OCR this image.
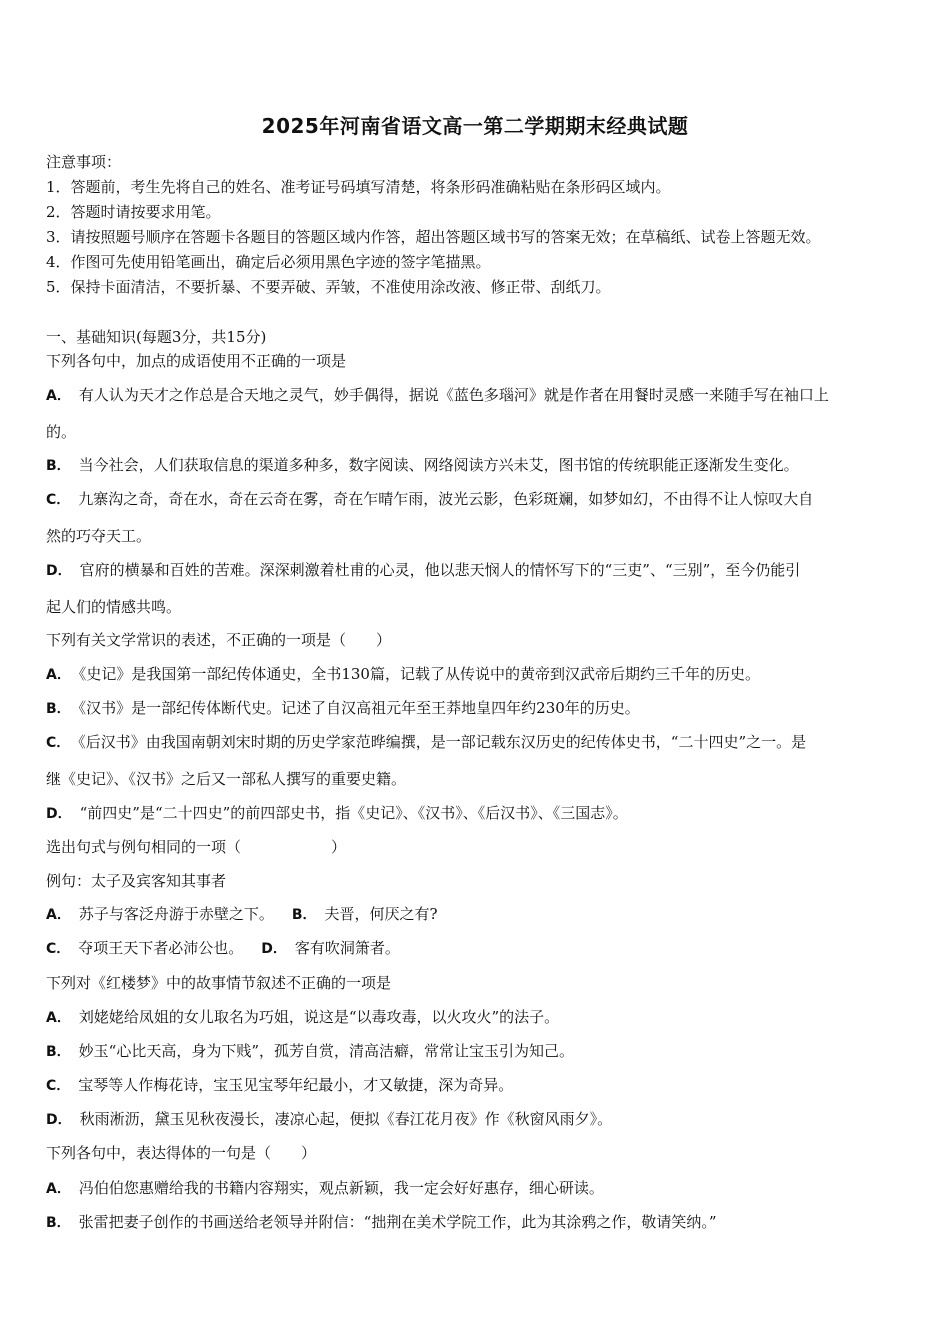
2025年河南省语文高一第二学期期末经典试题
注意事项：
1．答题前，考生先将自己的姓名、准考证号码填写清楚，将条形码准确粘贴在条形码区域内。
2．答题时请按要求用笔。
3．请按照题号顺序在答题卡各题目的答题区域内作答，超出答题区域书写的答案无效；在草稿纸、试卷上答题无效。
4．作图可先使用铅笔画出，确定后必须用黑色字迹的签字笔描黑。
5．保持卡面清洁，不要折暴、不要弄破、弄皱，不准使用涂改液、修正带、刮纸刀。
一、基础知识(每题3分，共15分)
下列各句中，加点的成语使用不正确的一项是
A． 有人认为天才之作总是合天地之灵气，妙手偶得，据说《蓝色多瑙河》就是作者在用餐时灵感一来随手写在袖口上
的。
B． 当今社会，人们获取信息的渠道多种多，数字阅读、网络阅读方兴未艾，图书馆的传统职能正逐渐发生变化。
C． 九寨沟之奇，奇在水，奇在云奇在雾，奇在乍晴乍雨，波光云影，色彩斑斓，如梦如幻，不由得不让人惊叹大自
然的巧夺天工。
D． 官府的横暴和百姓的苦难。深深刺激着杜甫的心灵，他以悲天悯人的情怀写下的“三吏”、“三别”，至今仍能引
起人们的情感共鸣。
下列有关文学常识的表述，不正确的一项是（　　）
A． 《史记》是我国第一部纪传体通史，全书130篇，记载了从传说中的黄帝到汉武帝后期约三千年的历史。
B． 《汉书》是一部纪传体断代史。记述了自汉高祖元年至王莽地皇四年约230年的历史。
C． 《后汉书》由我国南朝刘宋时期的历史学家范晔编撰，是一部记载东汉历史的纪传体史书，“二十四史”之一。是
继《史记》、《汉书》之后又一部私人撰写的重要史籍。
D． “前四史”是“二十四史”的前四部史书，指《史记》、《汉书》、《后汉书》、《三国志》。
选出句式与例句相同的一项（　　　　　　）
例句：太子及宾客知其事者
A． 苏子与客泛舟游于赤壁之下。 B． 夫晋，何厌之有?
C． 夺项王天下者必沛公也。 D． 客有吹洞箫者。
下列对《红楼梦》中的故事情节叙述不正确的一项是
A． 刘姥姥给凤姐的女儿取名为巧姐，说这是“以毒攻毒，以火攻火”的法子。
B． 妙玉“心比天高，身为下贱”，孤芳自赏，清高洁癖，常常让宝玉引为知己。
C． 宝琴等人作梅花诗，宝玉见宝琴年纪最小，才又敏捷，深为奇异。
D． 秋雨淅沥，黛玉见秋夜漫长，凄凉心起，便拟《春江花月夜》作《秋窗风雨夕》。
下列各句中，表达得体的一句是（　　）
A． 冯伯伯您惠赠给我的书籍内容翔实，观点新颖，我一定会好好惠存，细心研读。
B． 张雷把妻子创作的书画送给老领导并附信：“拙荆在美术学院工作，此为其涂鸦之作，敬请笑纳。”
